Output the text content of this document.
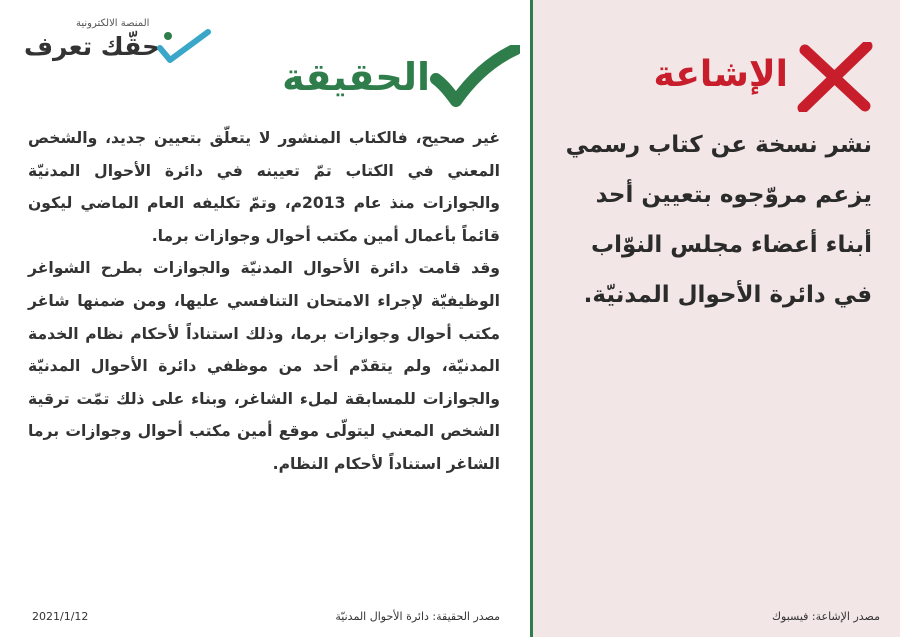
المنصة الالكترونية
حقّك تعرف
الحقيقة

غير صحيح، فالكتاب المنشور لا يتعلّق بتعيين جديد، والشخص المعني في الكتاب تمّ تعيينه في دائرة الأحوال المدنيّة والجوازات منذ عام 2013م، وتمّ تكليفه العام الماضي ليكون قائماً بأعمال أمين مكتب أحوال وجوازات برما.

وقد قامت دائرة الأحوال المدنيّة والجوازات بطرح الشواغر الوظيفيّة لإجراء الامتحان التنافسي عليها، ومن ضمنها شاغر مكتب أحوال وجوازات برما، وذلك استناداً لأحكام نظام الخدمة المدنيّة، ولم يتقدّم أحد من موظفي دائرة الأحوال المدنيّة والجوازات للمسابقة لملء الشاغر، وبناء على ذلك تمّت ترقية الشخص المعني ليتولّى موقع أمين مكتب أحوال وجوازات برما الشاغر استناداً لأحكام النظام.

مصدر الحقيقة: دائرة الأحوال المدنيّة
2021/1/12
الإشاعة
نشر نسخة عن كتاب رسمي يزعم مروّجوه بتعيين أحد أبناء أعضاء مجلس النوّاب في دائرة الأحوال المدنيّة.
مصدر الإشاعة: فيسبوك
